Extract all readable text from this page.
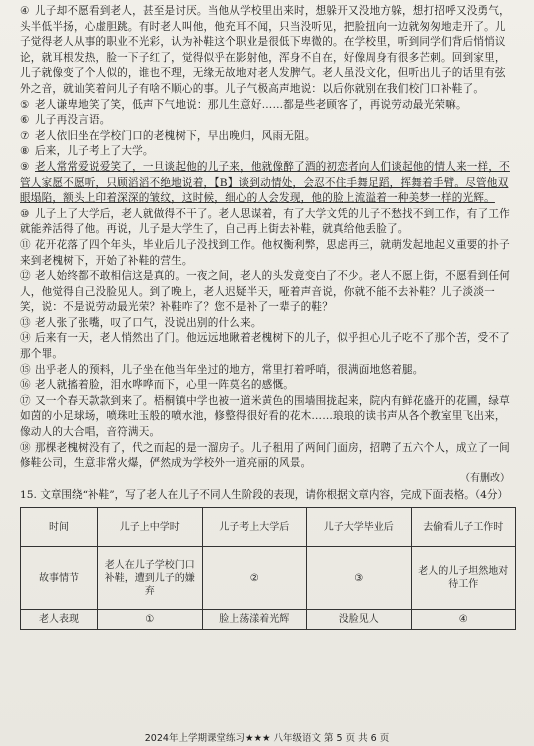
④ 儿子却不愿看到老人，甚至是讨厌。当他从学校里出来时，想躲开又没地方躲，想打招呼又没勇气，头半低半扬，心虚胆跳。有时老人叫他，他充耳不闻，只当没听见，把脸扭向一边就匆匆地走开了。儿子觉得老人从事的职业不光彩，认为补鞋这个职业是很低下卑微的。在学校里，听到同学们背后悄悄议论，就耳根发热，脸一下子红了，觉得似乎在影射他，浑身不自在，好像周身有很多芒刺。回到家里，儿子就像变了个人似的，谁也不理，无缘无故地对老人发脾气。老人虽没文化，但听出儿子的话里有弦外之音，就讪笑着问儿子有啥不顺心的事。儿子气极高声地说：以后你就别在我们校门口补鞋了。

⑤ 老人谦卑地笑了笑，低声下气地说：那儿生意好……都是些老顾客了，再说劳动最光荣嘛。

⑥ 儿子再没言语。

⑦ 老人依旧坐在学校门口的老槐树下，早出晚归，风雨无阻。

⑧ 后来，儿子考上了大学。

⑨ 老人常常爱说爱笑了，一旦谈起他的儿子来，他就像醉了酒的初恋者向人们谈起他的情人来一样，不管人家愿不愿听，只顾滔滔不绝地说着，【B】谈到动情处，会忍不住手舞足蹈，挥舞着手臂。尽管他双眼塌陷，额头上印着深深的皱纹，这时候，细心的人会发现，他的脸上流溢着一种美梦一样的光辉。

⑩ 儿子上了大学后，老人就做得不干了。老人思谋着，有了大学文凭的儿子不愁找不到工作，有了工作就能养活得了他。再说，儿子是大学生了，自己再上街去补鞋，就真给他丢脸了。

⑪ 花开花落了四个年头，毕业后儿子没找到工作。他权衡利弊，思虑再三，就萌发起地起义重要的扑子来到老槐树下，开始了补鞋的营生。

⑫ 老人始终都不敢相信这是真的。一夜之间，老人的头发竟变白了不少。老人不愿上街，不愿看到任何人，他觉得自己没脸见人。到了晚上，老人迟疑半天，哑着声音说，你就不能不去补鞋？儿子淡淡一笑，说：不是说劳动最光荣？补鞋咋了？您不是补了一辈子的鞋？

⑬ 老人张了张嘴，叹了口气，没说出别的什么来。

⑭ 后来有一天，老人悄然出了门。他远远地瞅着老槐树下的儿子，似乎担心儿子吃不了那个苦，受不了那个罪。

⑮ 出乎老人的预料，儿子坐在他当年坐过的地方，常里打着呼哨，很满面地悠着腿。

⑯ 老人就搐着脸，泪水哗哗而下，心里一阵莫名的感慨。

⑰ 又一个春天款款到来了。梧桐镇中学也被一道米黄色的围墙围拢起来，院内有鲜花盛开的花圃，绿草如茵的小足球场，喷珠吐玉般的喷水池，修整得很好看的花木……琅琅的读书声从各个教室里飞出来，像动人的大合唱，音符满天。

⑱ 那棵老槐树没有了，代之而起的是一溜房子。儿子租用了两间门面房，招聘了五六个人，成立了一间修鞋公司，生意非常火爆，俨然成为学校外一道亮丽的风景。

（有删改）

15. 文章围绕“补鞋”，写了老人在儿子不同人生阶段的表现，请你根据文章内容，完成下面表格。（4分）

时间	儿子上中学时	儿子考上大学后	儿子大学毕业后	去偷看儿子工作时
故事情节	老人在儿子学校门口补鞋，遭到儿子的嫌弃	②	③	老人的儿子坦然地对待工作
老人表现	①	脸上荡漾着光辉	没脸见人	④
2024年上学期课堂练习★★★ 八年级语文 第 5 页 共 6 页
